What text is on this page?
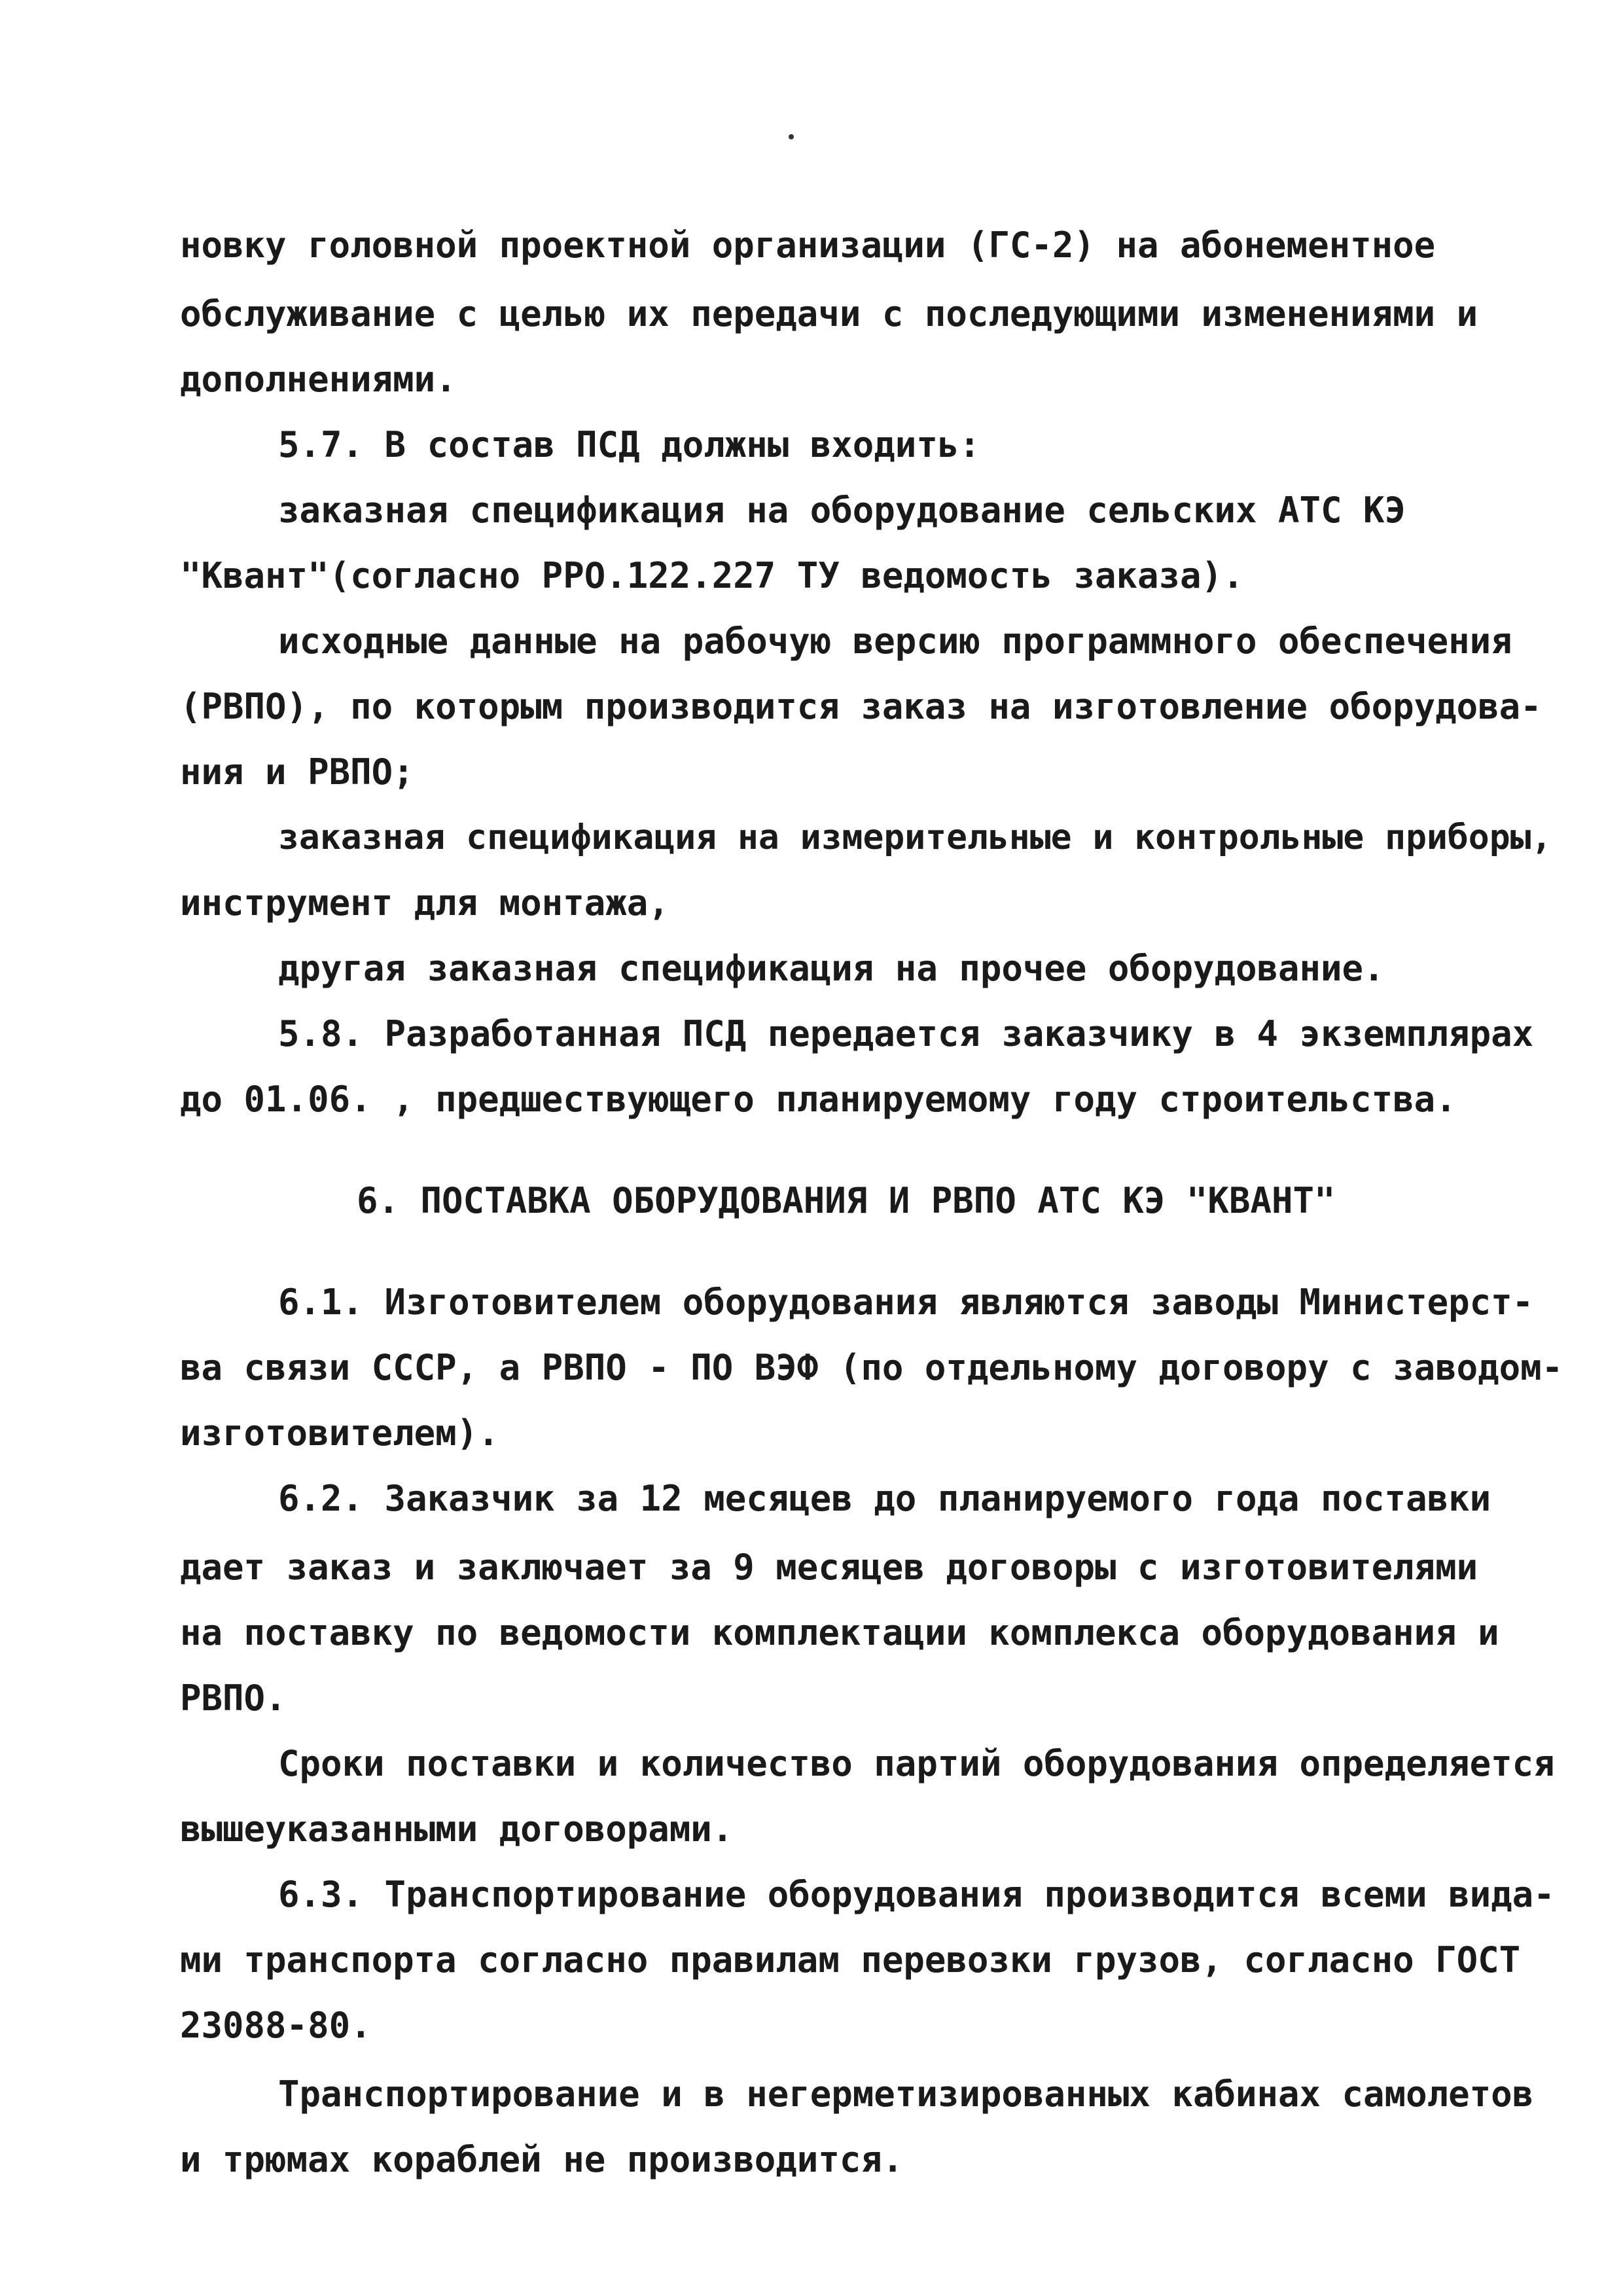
новку головной проектной организации (ГС-2) на абонементное
обслуживание с целью их передачи с последующими изменениями и
дополнениями.
5.7. В состав ПСД должны входить:
заказная спецификация на оборудование сельских АТС КЭ
"Квант"(согласно РРО.122.227 ТУ ведомость заказа).
исходные данные на рабочую версию программного обеспечения
(РВПО), по которым производится заказ на изготовление оборудова-
ния и РВПО;
заказная спецификация на измерительные и контрольные приборы,
инструмент для монтажа,
другая заказная спецификация на прочее оборудование.
5.8. Разработанная ПСД передается заказчику в 4 экземплярах
до 01.06. , предшествующего планируемому году строительства.
6. ПОСТАВКА ОБОРУДОВАНИЯ И РВПО АТС КЭ "КВАНТ"
6.1. Изготовителем оборудования являются заводы Министерст-
ва связи СССР, а РВПО - ПО ВЭФ (по отдельному договору с заводом-
изготовителем).
6.2. Заказчик за 12 месяцев до планируемого года поставки
дает заказ и заключает за 9 месяцев договоры с изготовителями
на поставку по ведомости комплектации комплекса оборудования и
РВПО.
Сроки поставки и количество партий оборудования определяется
вышеуказанными договорами.
6.3. Транспортирование оборудования производится всеми вида-
ми транспорта согласно правилам перевозки грузов, согласно ГОСТ
23088-80.
Транспортирование и в негерметизированных кабинах самолетов
и трюмах кораблей не производится.
